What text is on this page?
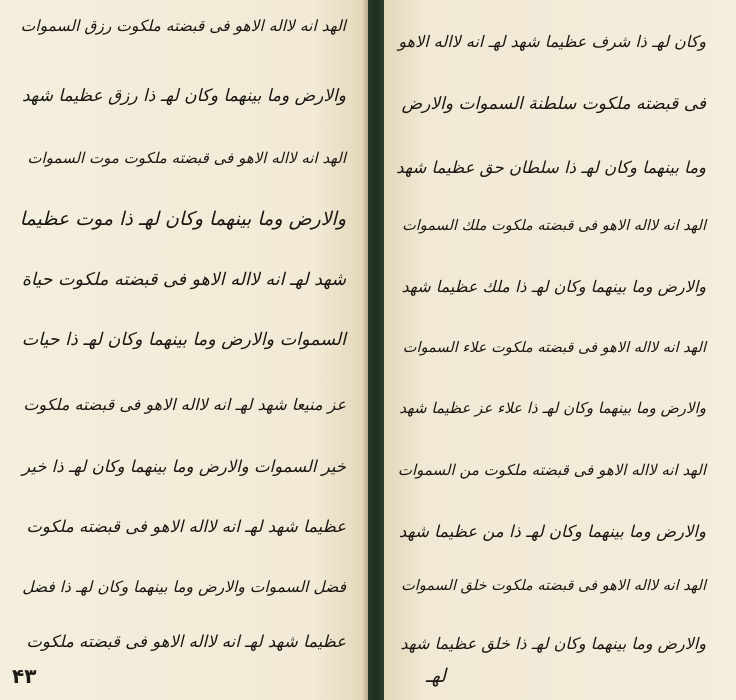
الهد انه لااله الاهو فى قبضته ملكوت رزق السموات
والارض وما بينهما وكان لهـ ذا رزق عظيما شهد
الهد انه لااله الاهو فى قبضته ملكوت موت السموات
والارض وما بينهما وكان لهـ ذا موت عظيما
شهد لهـ انه لااله الاهو فى قبضته ملكوت حياة
السموات والارض وما بينهما وكان لهـ ذا حيات
عز منيعا شهد لهـ انه لااله الاهو فى قبضته ملكوت
خير السموات والارض وما بينهما وكان لهـ ذا خير
عظيما شهد لهـ انه لااله الاهو فى قبضته ملكوت
فضل السموات والارض وما بينهما وكان لهـ ذا فضل
عظيما شهد لهـ انه لااله الاهو فى قبضته ملكوت
۴۳
وكان لهـ ذا شرف عظيما شهد لهـ انه لااله الاهو
فى قبضته ملكوت سلطنة السموات والارض
وما بينهما وكان لهـ ذا سلطان حق عظيما شهد
الهد انه لااله الاهو فى قبضته ملكوت ملك السموات
والارض وما بينهما وكان لهـ ذا ملك عظيما شهد
الهد انه لااله الاهو فى قبضته ملكوت علاء السموات
والارض وما بينهما وكان لهـ ذا علاء عز عظيما شهد
الهد انه لااله الاهو فى قبضته ملكوت من السموات
والارض وما بينهما وكان لهـ ذا من عظيما شهد
الهد انه لااله الاهو فى قبضته ملكوت خلق السموات
والارض وما بينهما وكان لهـ ذا خلق عظيما شهد
لهـ
